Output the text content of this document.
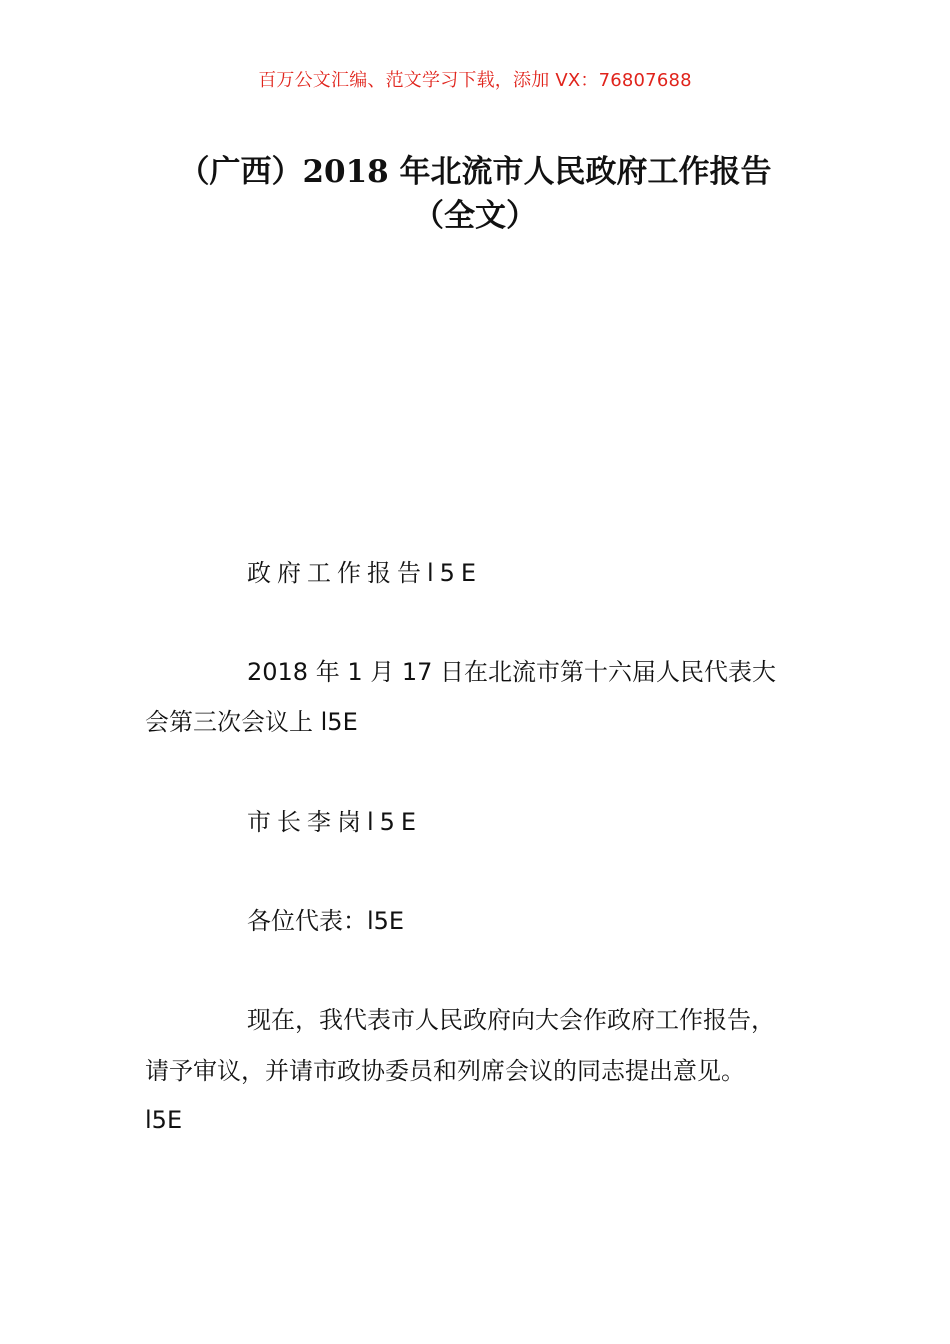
百万公文汇编、范文学习下载，添加 VX：76807688
（广西）2018 年北流市人民政府工作报告
（全文）
政府工作报告l5E
2018 年 1 月 17 日在北流市第十六届人民代表大
会第三次会议上 l5E
市长李岗l5E
各位代表：l5E
现在，我代表市人民政府向大会作政府工作报告，
请予审议，并请市政协委员和列席会议的同志提出意见。
l5E
